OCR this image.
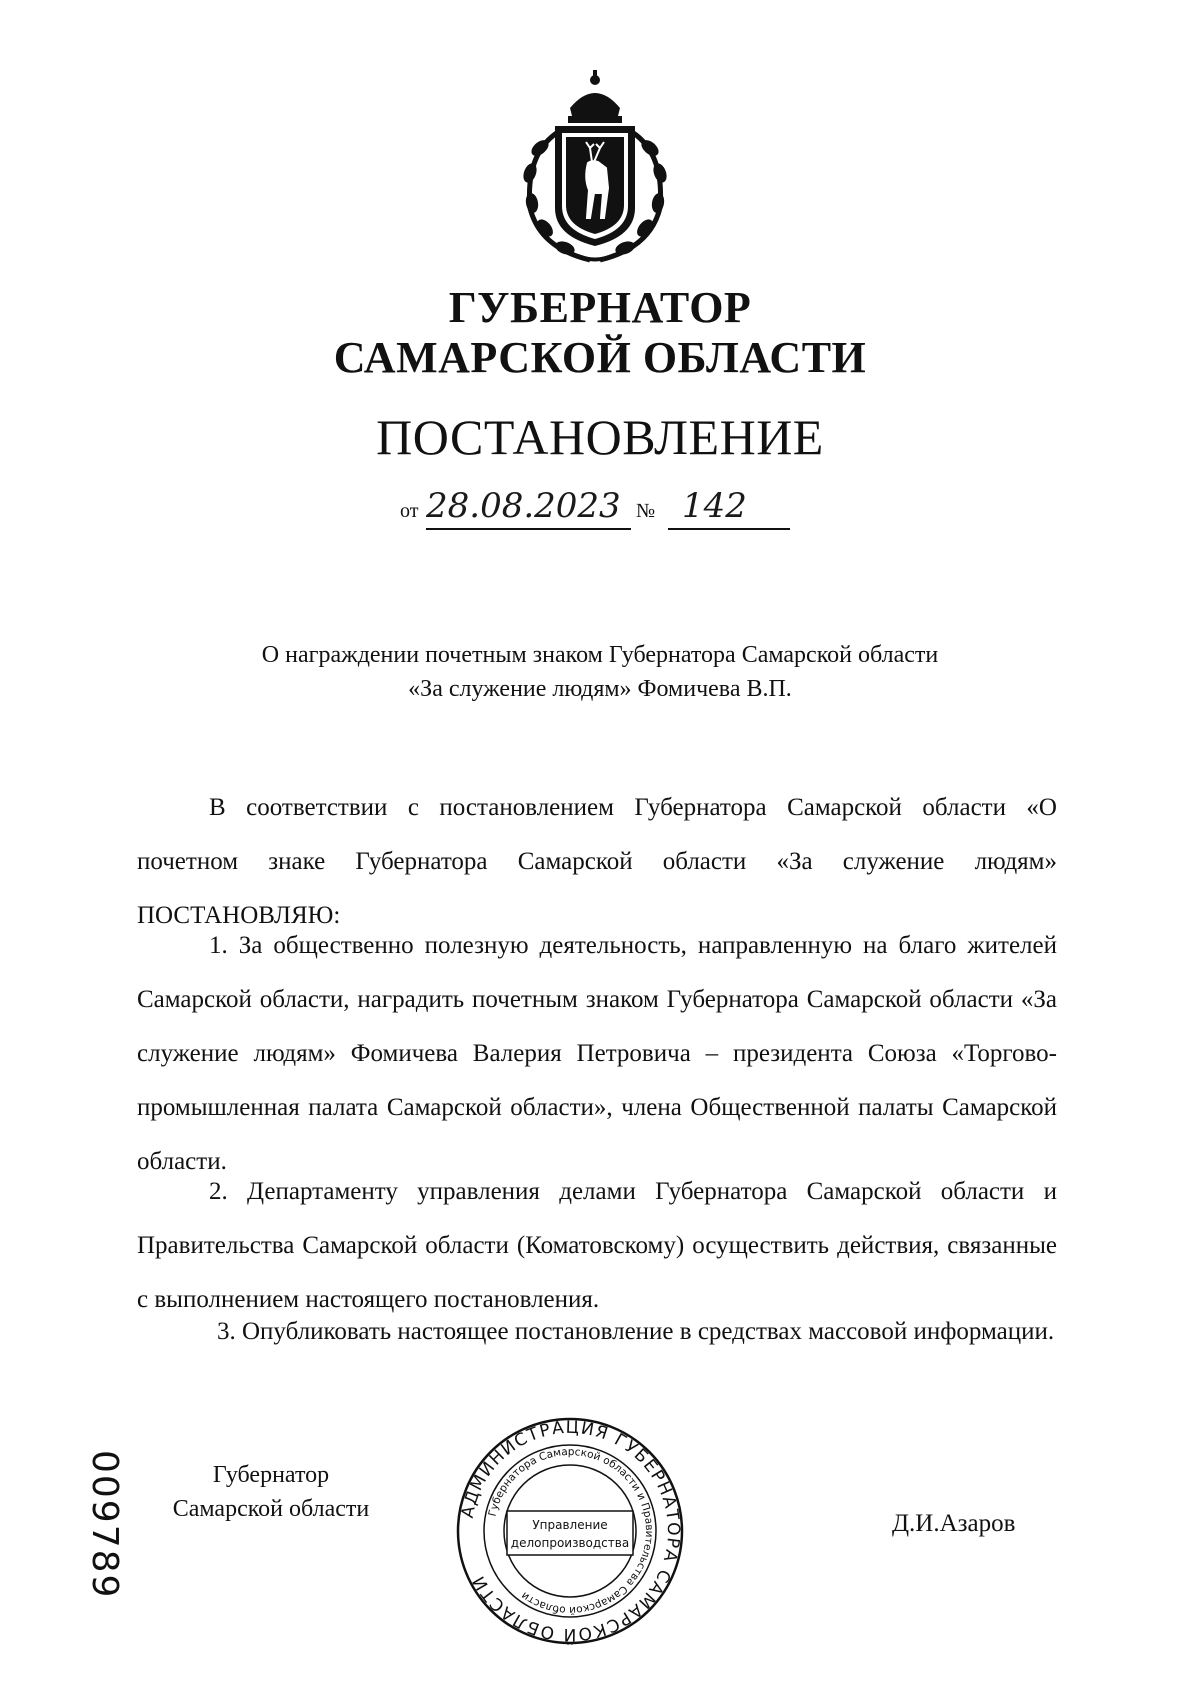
ГУБЕРНАТОР
САМАРСКОЙ ОБЛАСТИ
ПОСТАНОВЛЕНИЕ
от 28.08.2023 № 142
О награждении почетным знаком Губернатора Самарской области
«За служение людям» Фомичева В.П.

В соответствии с постановлением Губернатора Самарской области «О почетном знаке Губернатора Самарской области «За служение людям» ПОСТАНОВЛЯЮ:

1. За общественно полезную деятельность, направленную на благо жителей Самарской области, наградить почетным знаком Губернатора Самарской области «За служение людям» Фомичева Валерия Петровича – президента Союза «Торгово-промышленная палата Самарской области», члена Общественной палаты Самарской области.

2. Департаменту управления делами Губернатора Самарской области и Правительства Самарской области (Коматовскому) осуществить действия, связанные с выполнением настоящего постановления.

3. Опубликовать настоящее постановление в средствах массовой информации.

009789	Губернатор
Самарской области	АДМИНИСТРАЦИЯ ГУБЕРНАТОРА САМАРСКОЙ ОБЛАСТИ
Губернатора Самарской области и Правительства Самарской области
Управление
делопроизводства
Д.И.Азаров
